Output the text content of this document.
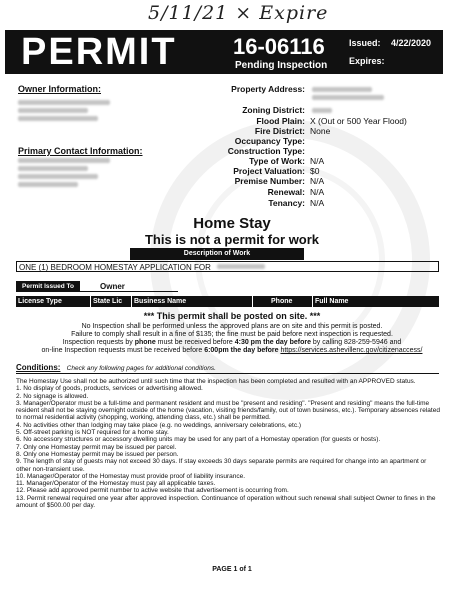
5/11/21 × Expire
PERMIT	16-06116
Pending Inspection
Issued: 4/22/2020
Expires:
Owner Information:
Primary Contact Information:
Property Address:
Zoning District:
Flood Plain: X (Out or 500 Year Flood)
Fire District: None
Occupancy Type:
Construction Type:
Type of Work: N/A
Project Valuation: $0
Premise Number: N/A
Renewal: N/A
Tenancy: N/A
Home Stay
This is not a permit for work
Description of Work
ONE (1) BEDROOM HOMESTAY APPLICATION FOR
Permit Issued To	Owner
License Type	State Lic	Business Name	Phone	Full Name
*** This permit shall be posted on site. ***
No Inspection shall be performed unless the approved plans are on site and this permit is posted.
Failure to comply shall result in a fine of $135; the fine must be paid before next inspection is requested.
Inspection requests by phone must be received before 4:30 pm the day before by calling 828-259-5946 and
on-line Inspection requests must be received before 6:00pm the day before https://services.ashevillenc.gov/citizenaccess/
Conditions: Check any following pages for additional conditions.

The Homestay Use shall not be authorized until such time that the inspection has been completed and resulted with an APPROVED status.

1. No display of goods, products, services or advertising allowed.

2. No signage is allowed.

3. Manager/Operator must be a full-time and permanent resident and must be "present and residing". "Present and residing" means the full-time resident shall not be staying overnight outside of the home (vacation, visiting friends/family, out of town business, etc.). Temporary absences related to normal residential activity (shopping, working, attending class, etc.) shall be permitted.

4. No activities other than lodging may take place (e.g. no weddings, anniversary celebrations, etc.)

5. Off-street parking is NOT required for a home stay.

6. No accessory structures or accessory dwelling units may be used for any part of a Homestay operation (for guests or hosts).

7. Only one Homestay permit may be issued per parcel.

8. Only one Homestay permit may be issued per person.

9. The length of stay of guests may not exceed 30 days. If stay exceeds 30 days separate permits are required for change into an apartment or other non-transient use.

10. Manager/Operator of the Homestay must provide proof of liability insurance.

11. Manager/Operator of the Homestay must pay all applicable taxes.

12. Please add approved permit number to active website that advertisement is occurring from.

13. Permit renewal required one year after approved inspection. Continuance of operation without such renewal shall subject Owner to fines in the amount of $500.00 per day.

PAGE 1 of 1
